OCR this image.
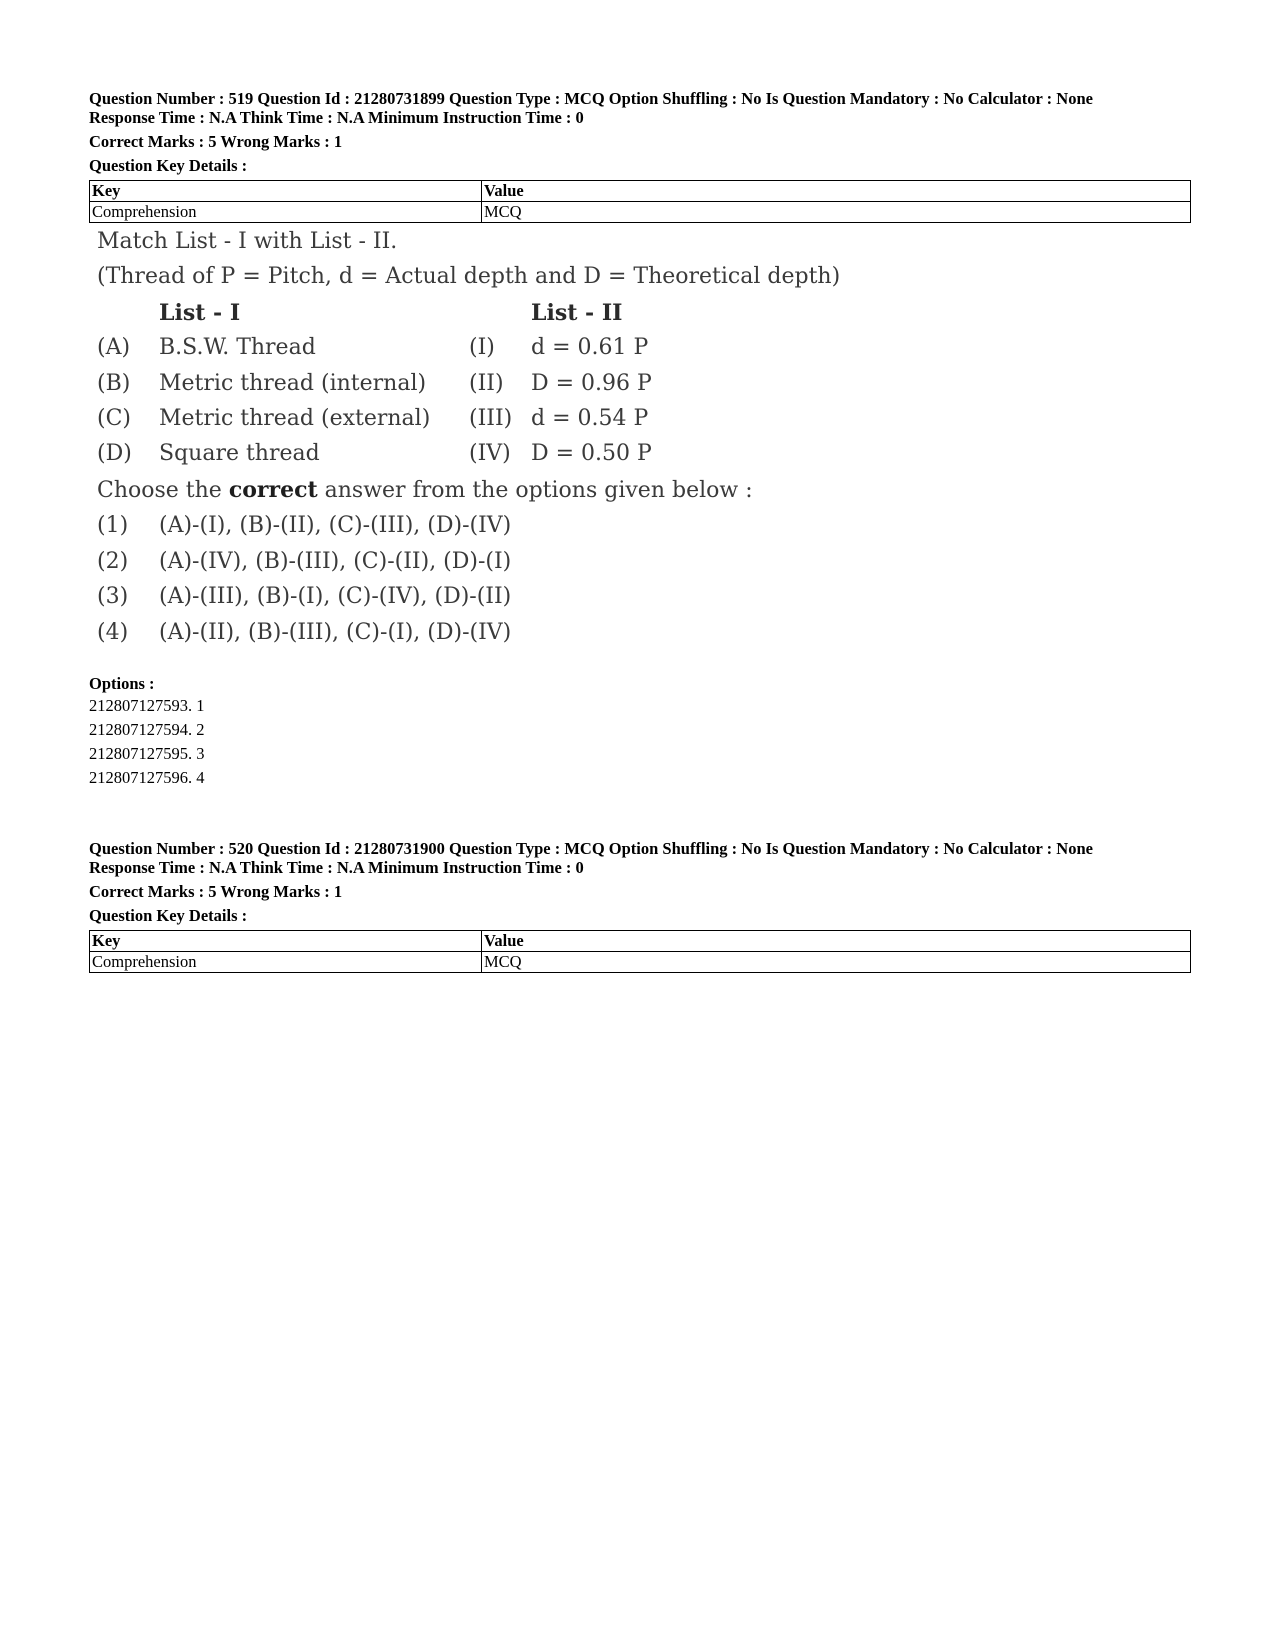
Question Number : 519 Question Id : 21280731899 Question Type : MCQ Option Shuffling : No Is Question Mandatory : No Calculator : None

Response Time : N.A Think Time : N.A Minimum Instruction Time : 0

Correct Marks : 5 Wrong Marks : 1

Question Key Details :

Key	Value
Comprehension	MCQ
Match List - I with List - II.
(Thread of P = Pitch, d = Actual depth and D = Theoretical depth)
List - I	List - II
(A) B.S.W. Thread	(I) d = 0.61 P
(B) Metric thread (internal) (II) D = 0.96 P
(C) Metric thread (external) (III) d = 0.54 P
(D) Square thread	(IV) D = 0.50 P
Choose the correct answer from the options given below :
(1) (A)-(I), (B)-(II), (C)-(III), (D)-(IV)
(2) (A)-(IV), (B)-(III), (C)-(II), (D)-(I)
(3) (A)-(III), (B)-(I), (C)-(IV), (D)-(II)
(4) (A)-(II), (B)-(III), (C)-(I), (D)-(IV)
Options :
212807127593. 1
212807127594. 2
212807127595. 3
212807127596. 4

Question Number : 520 Question Id : 21280731900 Question Type : MCQ Option Shuffling : No Is Question Mandatory : No Calculator : None

Response Time : N.A Think Time : N.A Minimum Instruction Time : 0

Correct Marks : 5 Wrong Marks : 1

Question Key Details :

Key	Value
Comprehension	MCQ
